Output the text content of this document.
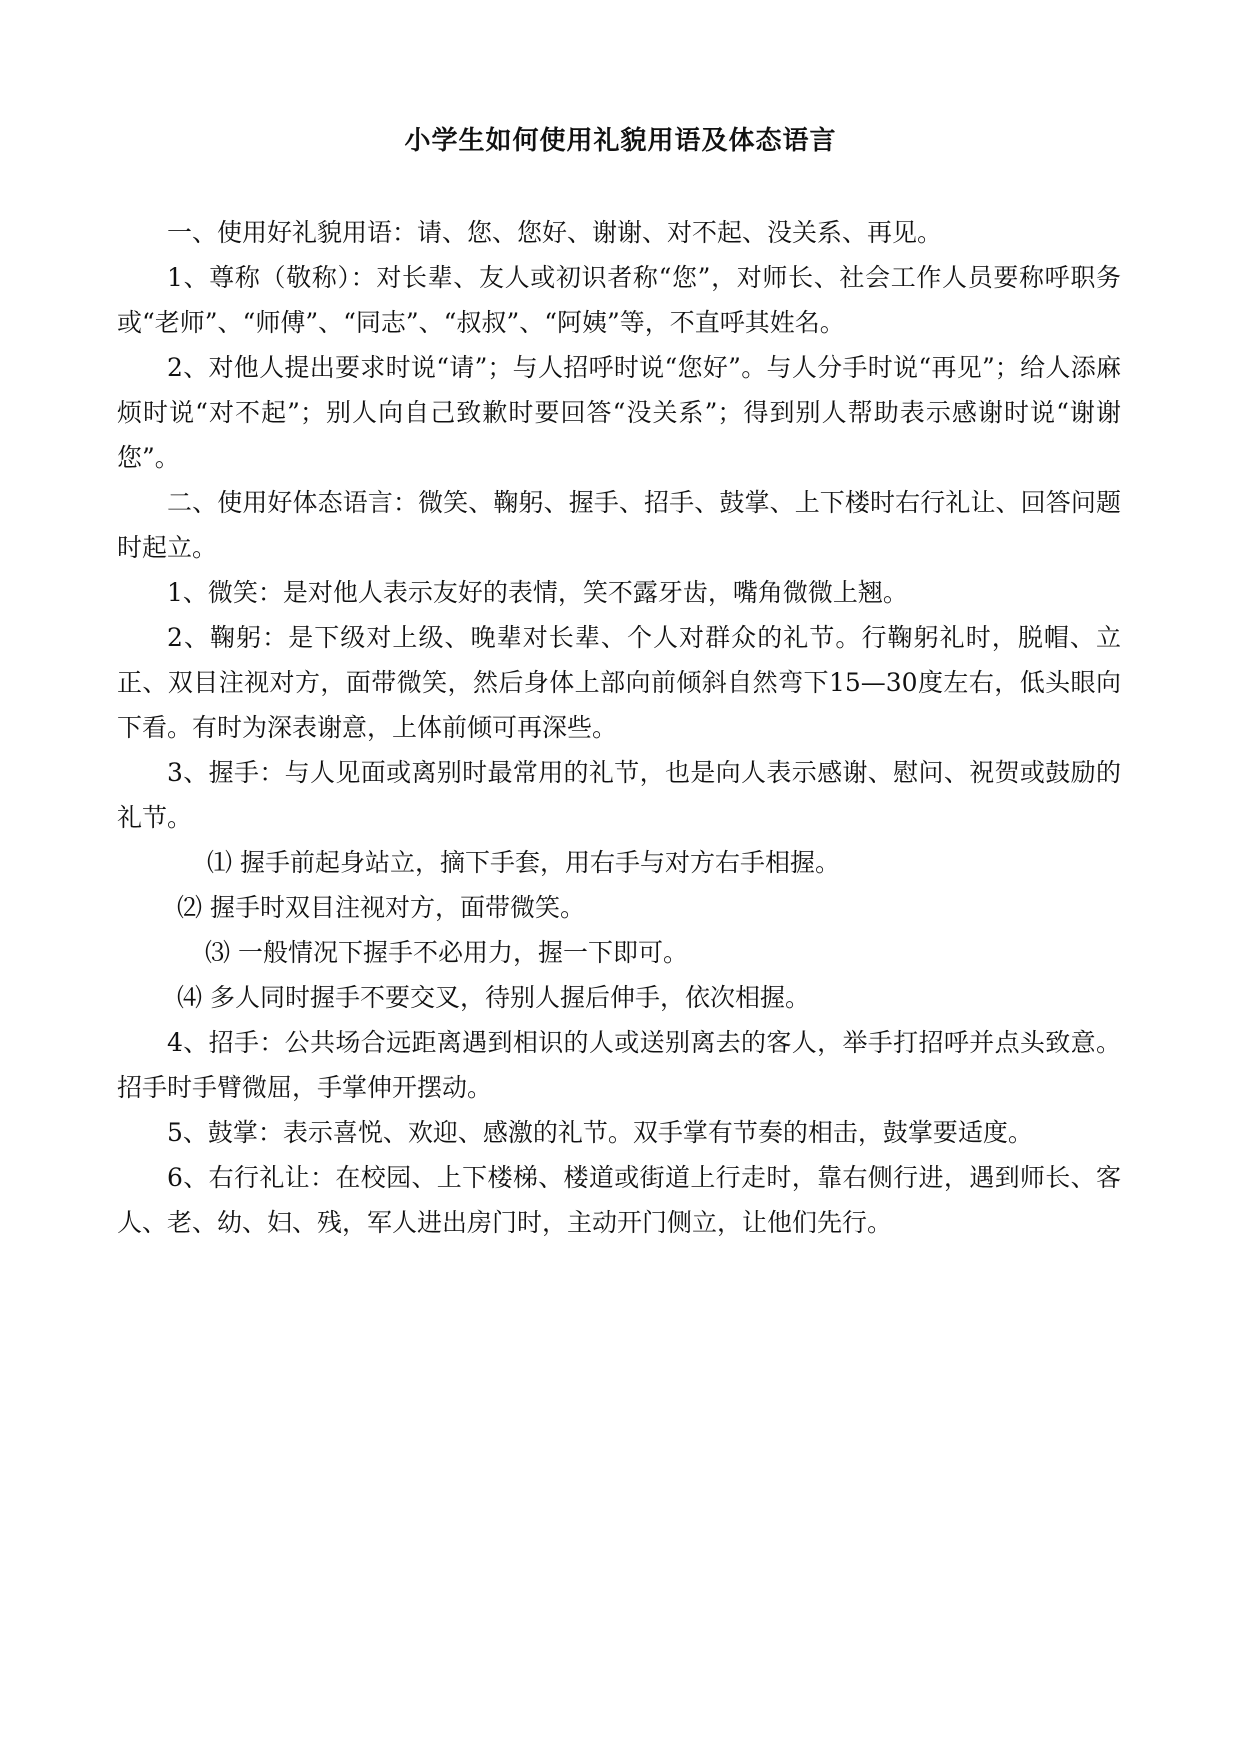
小学生如何使用礼貌用语及体态语言

一、使用好礼貌用语：请、您、您好、谢谢、对不起、没关系、再见。

1、尊称（敬称）：对长辈、友人或初识者称“您”，对师长、社会工作人员要称呼职务或“老师”、“师傅”、“同志”、“叔叔”、“阿姨”等，不直呼其姓名。

2、对他人提出要求时说“请”；与人招呼时说“您好”。与人分手时说“再见”；给人添麻烦时说“对不起”；别人向自己致歉时要回答“没关系”；得到别人帮助表示感谢时说“谢谢您”。

二、使用好体态语言：微笑、鞠躬、握手、招手、鼓掌、上下楼时右行礼让、回答问题时起立。

1、微笑：是对他人表示友好的表情，笑不露牙齿，嘴角微微上翘。

2、鞠躬：是下级对上级、晚辈对长辈、个人对群众的礼节。行鞠躬礼时，脱帽、立正、双目注视对方，面带微笑，然后身体上部向前倾斜自然弯下15—30度左右，低头眼向下看。有时为深表谢意，上体前倾可再深些。

3、握手：与人见面或离别时最常用的礼节，也是向人表示感谢、慰问、祝贺或鼓励的礼节。

⑴ 握手前起身站立，摘下手套，用右手与对方右手相握。

⑵ 握手时双目注视对方，面带微笑。

⑶ 一般情况下握手不必用力，握一下即可。

⑷ 多人同时握手不要交叉，待别人握后伸手，依次相握。

4、招手：公共场合远距离遇到相识的人或送别离去的客人，举手打招呼并点头致意。招手时手臂微屈，手掌伸开摆动。

5、鼓掌：表示喜悦、欢迎、感激的礼节。双手掌有节奏的相击，鼓掌要适度。

6、右行礼让：在校园、上下楼梯、楼道或街道上行走时，靠右侧行进，遇到师长、客人、老、幼、妇、残，军人进出房门时，主动开门侧立，让他们先行。
